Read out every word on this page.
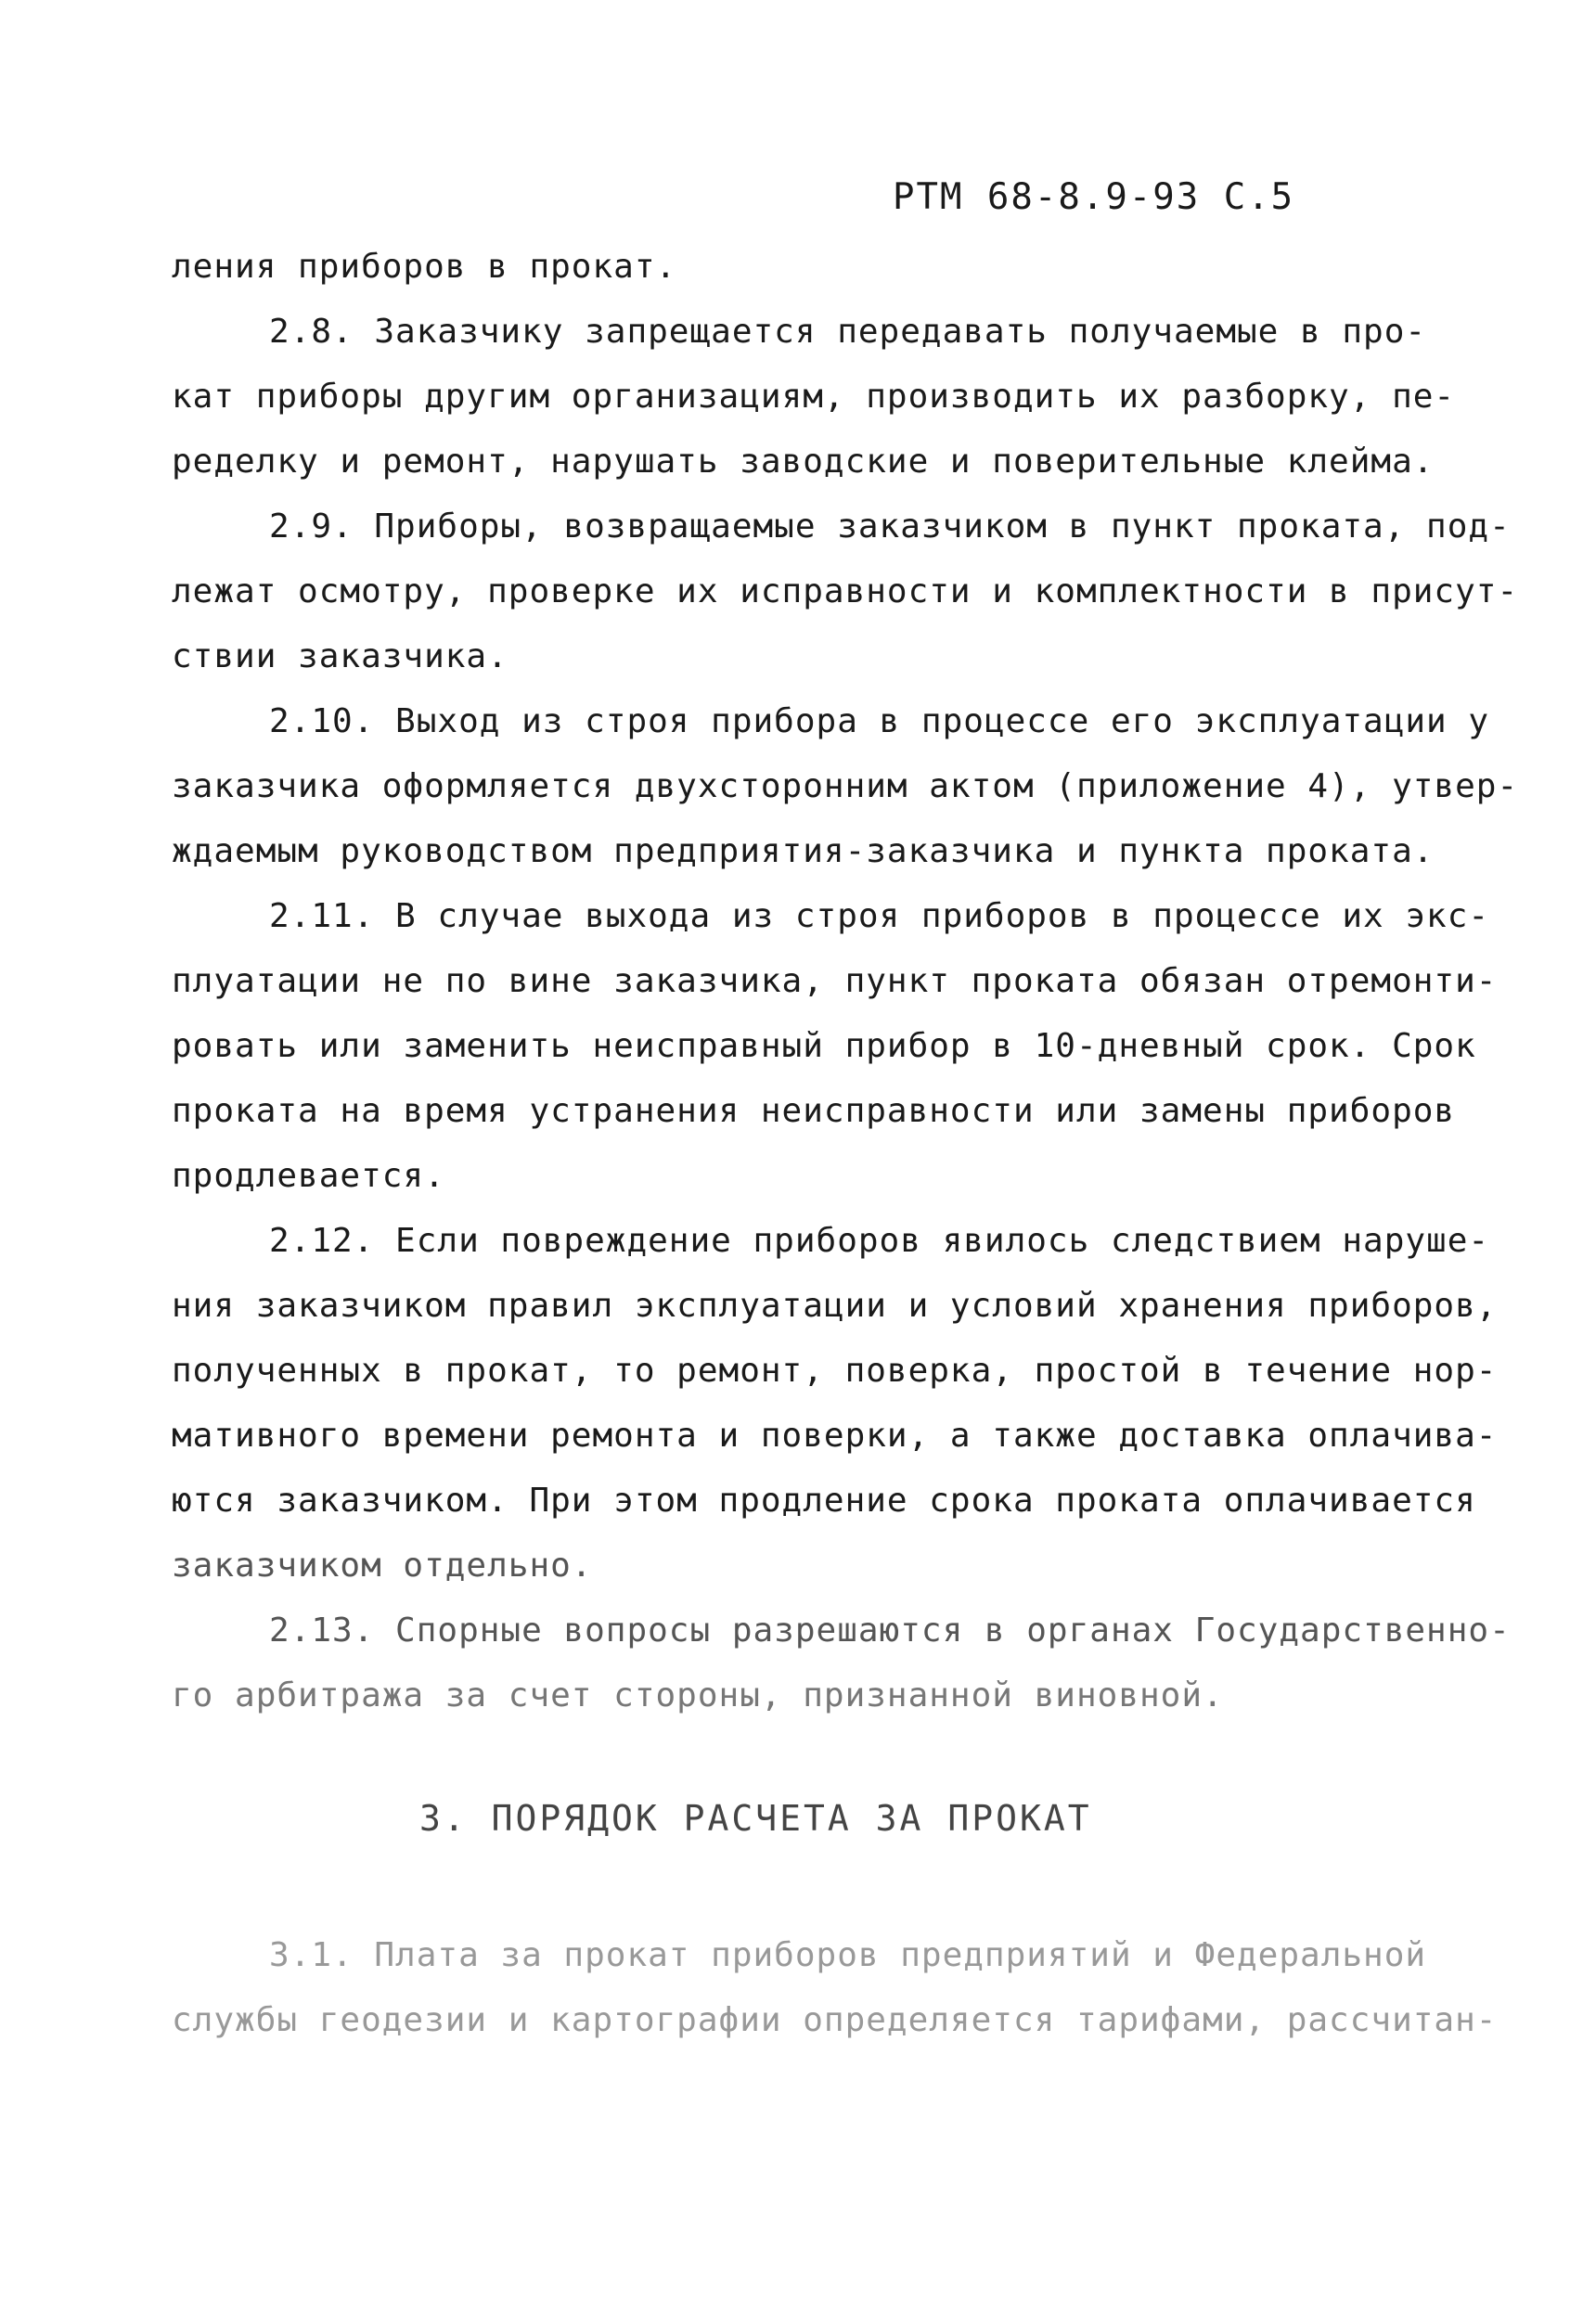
РТМ 68-8.9-93 С.5
ления приборов в прокат.
2.8. Заказчику запрещается передавать получаемые в про-
кат приборы другим организациям, производить их разборку, пе-
ределку и ремонт, нарушать заводские и поверительные клейма.
2.9. Приборы, возвращаемые заказчиком в пункт проката, под-
лежат осмотру, проверке их исправности и комплектности в присут-
ствии заказчика.
2.10. Выход из строя прибора в процессе его эксплуатации у
заказчика оформляется двухсторонним актом (приложение 4), утвер-
ждаемым руководством предприятия-заказчика и пункта проката.
2.11. В случае выхода из строя приборов в процессе их экс-
плуатации не по вине заказчика, пункт проката обязан отремонти-
ровать или заменить неисправный прибор в 10-дневный срок. Срок
проката на время устранения неисправности или замены приборов
продлевается.
2.12. Если повреждение приборов явилось следствием наруше-
ния заказчиком правил эксплуатации и условий хранения приборов,
полученных в прокат, то ремонт, поверка, простой в течение нор-
мативного времени ремонта и поверки, а также доставка оплачива-
ются заказчиком. При этом продление срока проката оплачивается
заказчиком отдельно.
2.13. Спорные вопросы разрешаются в органах Государственно-
го арбитража за счет стороны, признанной виновной.
3. ПОРЯДОК РАСЧЕТА ЗА ПРОКАТ
3.1. Плата за прокат приборов предприятий и Федеральной
службы геодезии и картографии определяется тарифами, рассчитан-
